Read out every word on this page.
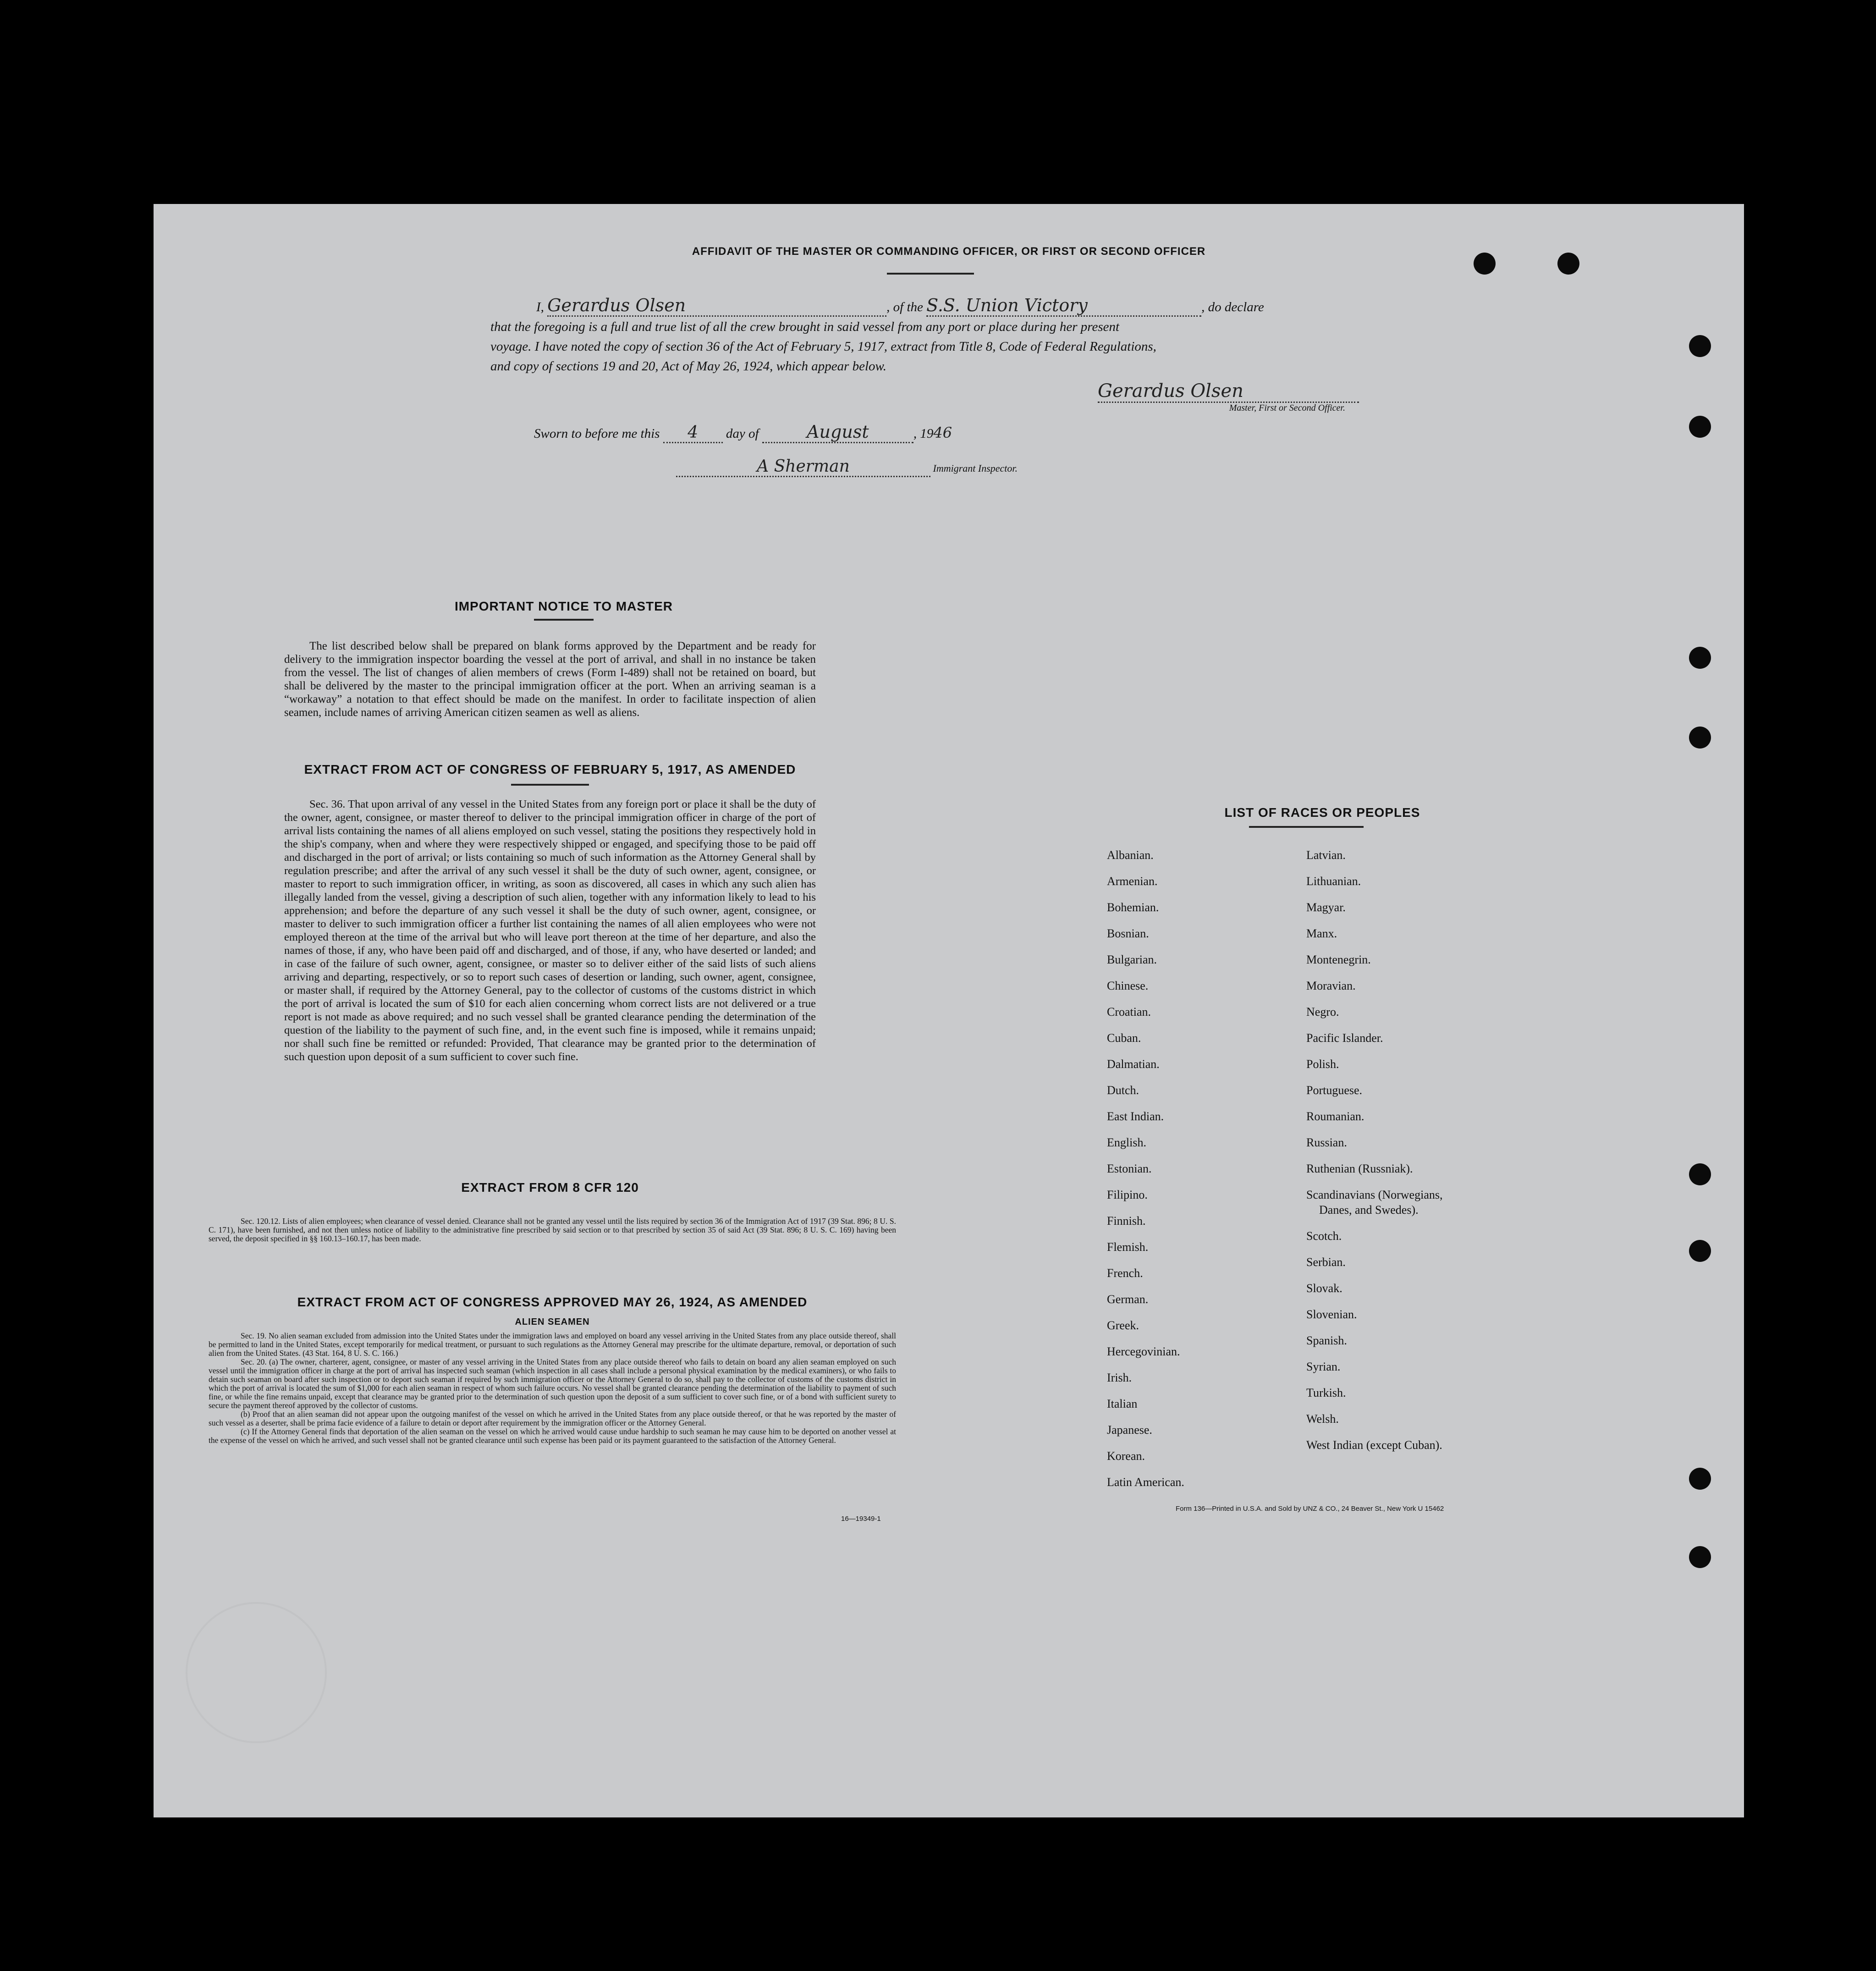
AFFIDAVIT OF THE MASTER OR COMMANDING OFFICER, OR FIRST OR SECOND OFFICER
I, Gerardus Olsen	, of the S.S. Union Victory	, do declare
that the foregoing is a full and true list of all the crew brought in said vessel from any port or place during her present
voyage. I have noted the copy of section 36 of the Act of February 5, 1917, extract from Title 8, Code of Federal Regulations,
and copy of sections 19 and 20, Act of May 26, 1924, which appear below.
Gerardus Olsen
Master, First or Second Officer.
Sworn to before me this 4 day of	August	, 1946
A Sherman	Immigrant Inspector.
IMPORTANT NOTICE TO MASTER
The list described below shall be prepared on blank forms approved by the Department and be ready for delivery to the immigration inspector boarding the vessel at the port of arrival, and shall in no instance be taken from the vessel. The list of changes of alien members of crews (Form I-489) shall not be retained on board, but shall be delivered by the master to the principal immigration officer at the port. When an arriving seaman is a “workaway” a notation to that effect should be made on the manifest. In order to facilitate inspection of alien seamen, include names of arriving American citizen seamen as well as aliens.
EXTRACT FROM ACT OF CONGRESS OF FEBRUARY 5, 1917, AS AMENDED
Sec. 36. That upon arrival of any vessel in the United States from any foreign port or place it shall be the duty of the owner, agent, consignee, or master thereof to deliver to the principal immigration officer in charge of the port of arrival lists containing the names of all aliens employed on such vessel, stating the positions they respectively hold in the ship's company, when and where they were respectively shipped or engaged, and specifying those to be paid off and discharged in the port of arrival; or lists containing so much of such information as the Attorney General shall by regulation prescribe; and after the arrival of any such vessel it shall be the duty of such owner, agent, consignee, or master to report to such immigration officer, in writing, as soon as discovered, all cases in which any such alien has illegally landed from the vessel, giving a description of such alien, together with any information likely to lead to his apprehension; and before the departure of any such vessel it shall be the duty of such owner, agent, consignee, or master to deliver to such immigration officer a further list containing the names of all alien employees who were not employed thereon at the time of the arrival but who will leave port thereon at the time of her departure, and also the names of those, if any, who have been paid off and discharged, and of those, if any, who have deserted or landed; and in case of the failure of such owner, agent, consignee, or master so to deliver either of the said lists of such aliens arriving and departing, respectively, or so to report such cases of desertion or landing, such owner, agent, consignee, or master shall, if required by the Attorney General, pay to the collector of customs of the customs district in which the port of arrival is located the sum of $10 for each alien concerning whom correct lists are not delivered or a true report is not made as above required; and no such vessel shall be granted clearance pending the determination of the question of the liability to the payment of such fine, and, in the event such fine is imposed, while it remains unpaid; nor shall such fine be remitted or refunded: Provided, That clearance may be granted prior to the determination of such question upon deposit of a sum sufficient to cover such fine.
EXTRACT FROM 8 CFR 120
Sec. 120.12. Lists of alien employees; when clearance of vessel denied. Clearance shall not be granted any vessel until the lists required by section 36 of the Immigration Act of 1917 (39 Stat. 896; 8 U. S. C. 171), have been furnished, and not then unless notice of liability to the administrative fine prescribed by said section or to that prescribed by section 35 of said Act (39 Stat. 896; 8 U. S. C. 169) having been served, the deposit specified in §§ 160.13–160.17, has been made.
EXTRACT FROM ACT OF CONGRESS APPROVED MAY 26, 1924, AS AMENDED
ALIEN SEAMEN
Sec. 19. No alien seaman excluded from admission into the United States under the immigration laws and employed on board any vessel arriving in the United States from any place outside thereof, shall be permitted to land in the United States, except temporarily for medical treatment, or pursuant to such regulations as the Attorney General may prescribe for the ultimate departure, removal, or deportation of such alien from the United States. (43 Stat. 164, 8 U. S. C. 166.)
Sec. 20. (a) The owner, charterer, agent, consignee, or master of any vessel arriving in the United States from any place outside thereof who fails to detain on board any alien seaman employed on such vessel until the immigration officer in charge at the port of arrival has inspected such seaman (which inspection in all cases shall include a personal physical examination by the medical examiners), or who fails to detain such seaman on board after such inspection or to deport such seaman if required by such immigration officer or the Attorney General to do so, shall pay to the collector of customs of the customs district in which the port of arrival is located the sum of $1,000 for each alien seaman in respect of whom such failure occurs. No vessel shall be granted clearance pending the determination of the liability to payment of such fine, or while the fine remains unpaid, except that clearance may be granted prior to the determination of such question upon the deposit of a sum sufficient to cover such fine, or of a bond with sufficient surety to secure the payment thereof approved by the collector of customs.
(b) Proof that an alien seaman did not appear upon the outgoing manifest of the vessel on which he arrived in the United States from any place outside thereof, or that he was reported by the master of such vessel as a deserter, shall be prima facie evidence of a failure to detain or deport after requirement by the immigration officer or the Attorney General.
(c) If the Attorney General finds that deportation of the alien seaman on the vessel on which he arrived would cause undue hardship to such seaman he may cause him to be deported on another vessel at the expense of the vessel on which he arrived, and such vessel shall not be granted clearance until such expense has been paid or its payment guaranteed to the satisfaction of the Attorney General.
16—19349-1
LIST OF RACES OR PEOPLES
Albanian.
Armenian.
Bohemian.
Bosnian.
Bulgarian.
Chinese.
Croatian.
Cuban.
Dalmatian.
Dutch.
East Indian.
English.
Estonian.
Filipino.
Finnish.
Flemish.
French.
German.
Greek.
Hercegovinian.
Irish.
Italian
Japanese.
Korean.
Latin American.
Latvian.
Lithuanian.
Magyar.
Manx.
Montenegrin.
Moravian.
Negro.
Pacific Islander.
Polish.
Portuguese.
Roumanian.
Russian.
Ruthenian (Russniak).
Scandinavians (Norwegians,
Danes, and Swedes).
Scotch.
Serbian.
Slovak.
Slovenian.
Spanish.
Syrian.
Turkish.
Welsh.
West Indian (except Cuban).
Form 136—Printed in U.S.A. and Sold by UNZ & CO., 24 Beaver St., New York U 15462
